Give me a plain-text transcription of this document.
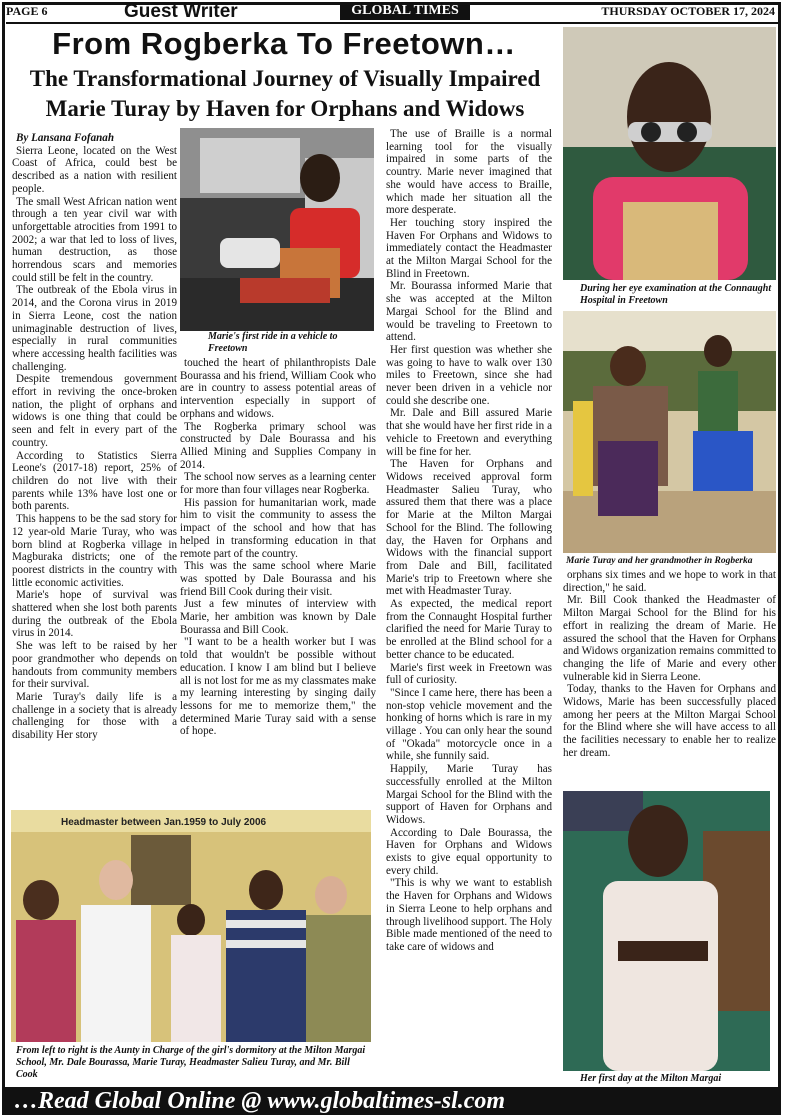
PAGE 6	Guest Writer	GLOBAL TIMES	THURSDAY OCTOBER 17, 2024
From Rogberka To Freetown…
The Transformational Journey of Visually Impaired
Marie Turay by Haven for Orphans and Widows

By Lansana Fofanah

Sierra Leone, located on the West Coast of Africa, could best be described as a nation with resilient people.

The small West African nation went through a ten year civil war with unforgettable atrocities from 1991 to 2002; a war that led to loss of lives, human destruction, as those horrendous scars and memories could still be felt in the country.

The outbreak of the Ebola virus in 2014, and the Corona virus in 2019 in Sierra Leone, cost the nation unimaginable destruction of lives, especially in rural communities where accessing health facilities was challenging.

Despite tremendous government effort in reviving the once-broken nation, the plight of orphans and widows is one thing that could be seen and felt in every part of the country.

According to Statistics Sierra Leone's (2017-18) report, 25% of children do not live with their parents while 13% have lost one or both parents.

This happens to be the sad story for 12 year-old Marie Turay, who was born blind at Rogberka village in Magburaka districts; one of the poorest districts in the country with little economic activities.

Marie's hope of survival was shattered when she lost both parents during the outbreak of the Ebola virus in 2014.

She was left to be raised by her poor grandmother who depends on handouts from community members for their survival.

Marie Turay's daily life is a challenge in a society that is already challenging for those with a disability Her story

Marie's first ride in a vehicle to Freetown

touched the heart of philanthropists Dale Bourassa and his friend, William Cook who are in country to assess potential areas of intervention especially in support of orphans and widows.

The Rogberka primary school was constructed by Dale Bourassa and his Allied Mining and Supplies Company in 2014.

The school now serves as a learning center for more than four villages near Rogberka.

His passion for humanitarian work, made him to visit the community to assess the impact of the school and how that has helped in transforming education in that remote part of the country.

This was the same school where Marie was spotted by Dale Bourassa and his friend Bill Cook during their visit.

Just a few minutes of interview with Marie, her ambition was known by Dale Bourassa and Bill Cook.

"I want to be a health worker but I was told that wouldn't be possible without education. I know I am blind but I believe all is not lost for me as my classmates make my learning interesting by singing daily lessons for me to memorize them," the determined Marie Turay said with a sense of hope.

Headmaster between Jan.1959 to July 2006
From left to right is the Aunty in Charge of the girl's dormitory at the Milton Margai School, Mr. Dale Bourassa, Marie Turay, Headmaster Salieu Turay, and Mr. Bill Cook

The use of Braille is a normal learning tool for the visually impaired in some parts of the country. Marie never imagined that she would have access to Braille, which made her situation all the more desperate.

Her touching story inspired the Haven For Orphans and Widows to immediately contact the Headmaster at the Milton Margai School for the Blind in Freetown.

Mr. Bourassa informed Marie that she was accepted at the Milton Margai School for the Blind and would be traveling to Freetown to attend.

Her first question was whether she was going to have to walk over 130 miles to Freetown, since she had never been driven in a vehicle nor could she describe one.

Mr. Dale and Bill assured Marie that she would have her first ride in a vehicle to Freetown and everything will be fine for her.

The Haven for Orphans and Widows received approval form Headmaster Salieu Turay, who assured them that there was a place for Marie at the Milton Margai School for the Blind. The following day, the Haven for Orphans and Widows with the financial support from Dale and Bill, facilitated Marie's trip to Freetown where she met with Headmaster Turay.

As expected, the medical report from the Connaught Hospital further clarified the need for Marie Turay to be enrolled at the Blind school for a better chance to be educated.

Marie's first week in Freetown was full of curiosity.

"Since I came here, there has been a non-stop vehicle movement and the honking of horns which is rare in my village . You can only hear the sound of "Okada" motorcycle once in a while, she funnily said.

Happily, Marie Turay has successfully enrolled at the Milton Margai School for the Blind with the support of Haven for Orphans and Widows.

According to Dale Bourassa, the Haven for Orphans and Widows exists to give equal opportunity to every child.

"This is why we want to establish the Haven for Orphans and Widows in Sierra Leone to help orphans and through livelihood support. The Holy Bible made mentioned of the need to take care of widows and

During her eye examination at the Connaught Hospital in Freetown
Marie Turay and her grandmother in Rogberka

orphans six times and we hope to work in that direction," he said.

Mr. Bill Cook thanked the Headmaster of Milton Margai School for the Blind for his effort in realizing the dream of Marie. He assured the school that the Haven for Orphans and Widows organization remains committed to changing the life of Marie and every other vulnerable kid in Sierra Leone.

Today, thanks to the Haven for Orphans and Widows, Marie has been successfully placed among her peers at the Milton Margai School for the Blind where she will have access to all the facilities necessary to enable her to realize her dream.

Her first day at the Milton Margai
…Read Global Online @ www.globaltimes-sl.com
